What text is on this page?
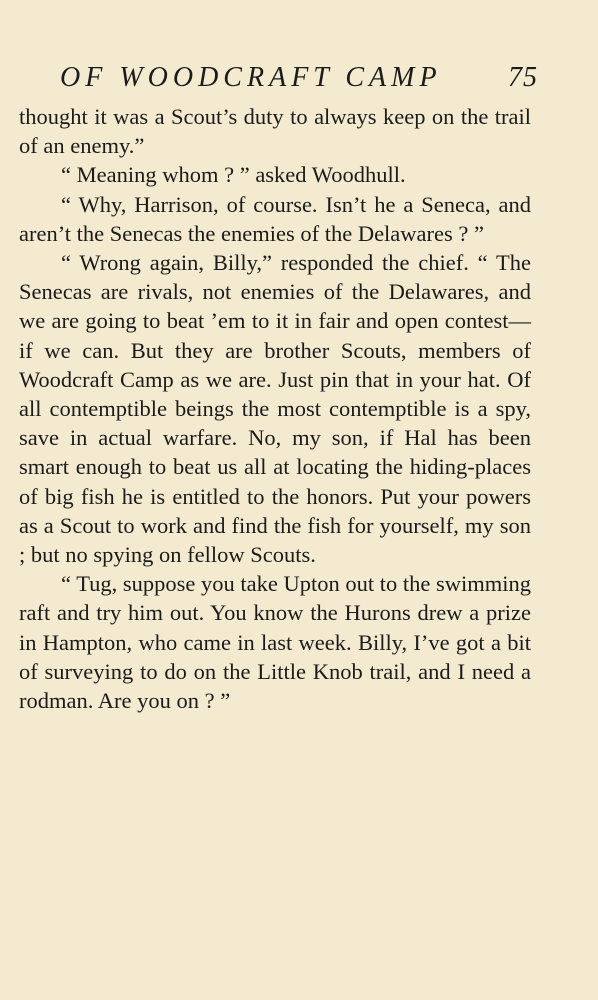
OF WOODCRAFT CAMP 75

thought it was a Scout’s duty to always keep on the trail of an enemy.”

“ Meaning whom ? ” asked Woodhull.

“ Why, Harrison, of course. Isn’t he a Seneca, and aren’t the Senecas the enemies of the Delawares ? ”

“ Wrong again, Billy,” responded the chief. “ The Senecas are rivals, not enemies of the Delawares, and we are going to beat ’em to it in fair and open contest—if we can. But they are brother Scouts, members of Woodcraft Camp as we are. Just pin that in your hat. Of all contemptible beings the most contemptible is a spy, save in actual warfare. No, my son, if Hal has been smart enough to beat us all at locating the hiding-places of big fish he is entitled to the honors. Put your powers as a Scout to work and find the fish for yourself, my son ; but no spying on fellow Scouts.

“ Tug, suppose you take Upton out to the swimming raft and try him out. You know the Hurons drew a prize in Hampton, who came in last week. Billy, I’ve got a bit of surveying to do on the Little Knob trail, and I need a rodman. Are you on ? ”
